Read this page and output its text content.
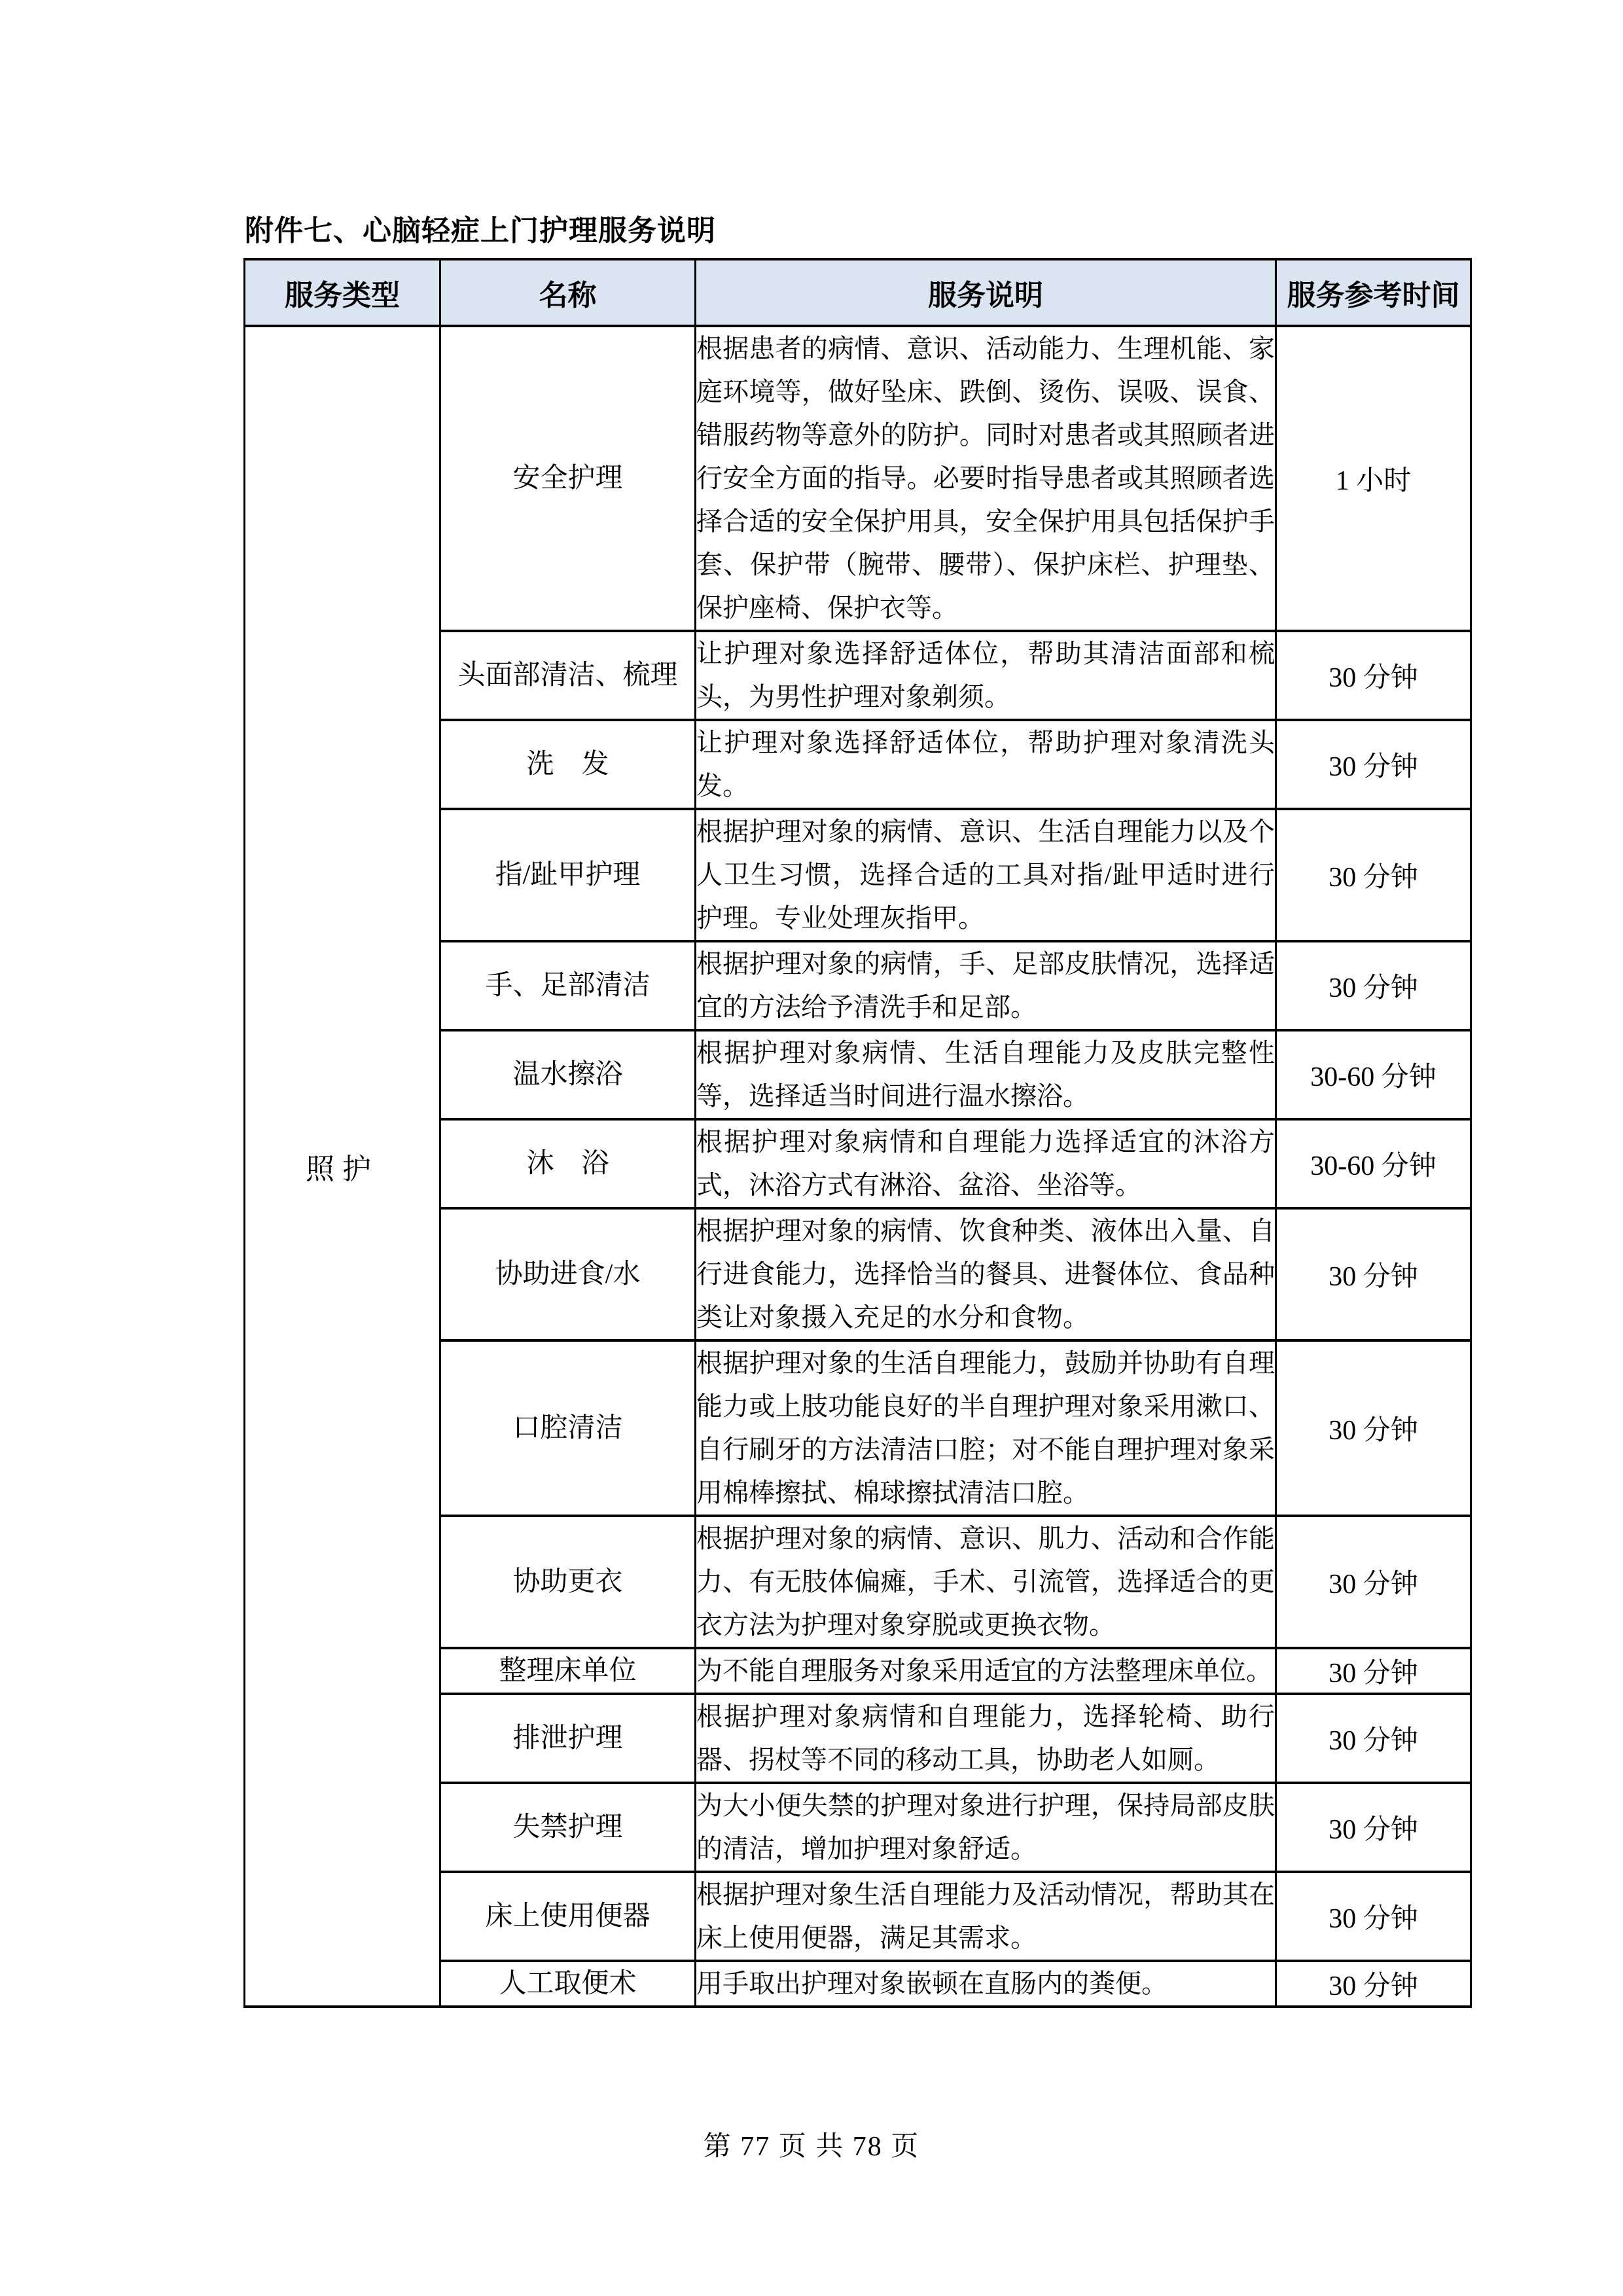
附件七、心脑轻症上门护理服务说明
服务类型	名称	服务说明	服务参考时间
照护	安全护理	根据患者的病情、意识、活动能力、生理机能、家庭环境等，做好坠床、跌倒、烫伤、误吸、误食、错服药物等意外的防护。同时对患者或其照顾者进行安全方面的指导。必要时指导患者或其照顾者选择合适的安全保护用具，安全保护用具包括保护手套、保护带（腕带、腰带）、保护床栏、护理垫、保护座椅、保护衣等。	1 小时
	头面部清洁、梳理	让护理对象选择舒适体位，帮助其清洁面部和梳头，为男性护理对象剃须。	30 分钟
	洗　发	让护理对象选择舒适体位，帮助护理对象清洗头发。	30 分钟
	指/趾甲护理	根据护理对象的病情、意识、生活自理能力以及个人卫生习惯，选择合适的工具对指/趾甲适时进行护理。专业处理灰指甲。	30 分钟
	手、足部清洁	根据护理对象的病情，手、足部皮肤情况，选择适宜的方法给予清洗手和足部。	30 分钟
	温水擦浴	根据护理对象病情、生活自理能力及皮肤完整性等，选择适当时间进行温水擦浴。	30-60 分钟
	沐　浴	根据护理对象病情和自理能力选择适宜的沐浴方式，沐浴方式有淋浴、盆浴、坐浴等。	30-60 分钟
	协助进食/水	根据护理对象的病情、饮食种类、液体出入量、自行进食能力，选择恰当的餐具、进餐体位、食品种类让对象摄入充足的水分和食物。	30 分钟
	口腔清洁	根据护理对象的生活自理能力，鼓励并协助有自理能力或上肢功能良好的半自理护理对象采用漱口、自行刷牙的方法清洁口腔；对不能自理护理对象采用棉棒擦拭、棉球擦拭清洁口腔。	30 分钟
	协助更衣	根据护理对象的病情、意识、肌力、活动和合作能力、有无肢体偏瘫，手术、引流管，选择适合的更衣方法为护理对象穿脱或更换衣物。	30 分钟
	整理床单位	为不能自理服务对象采用适宜的方法整理床单位。	30 分钟
	排泄护理	根据护理对象病情和自理能力，选择轮椅、助行器、拐杖等不同的移动工具，协助老人如厕。	30 分钟
	失禁护理	为大小便失禁的护理对象进行护理，保持局部皮肤的清洁，增加护理对象舒适。	30 分钟
	床上使用便器	根据护理对象生活自理能力及活动情况，帮助其在床上使用便器，满足其需求。	30 分钟
	人工取便术	用手取出护理对象嵌顿在直肠内的粪便。	30 分钟
第 77 页 共 78 页
